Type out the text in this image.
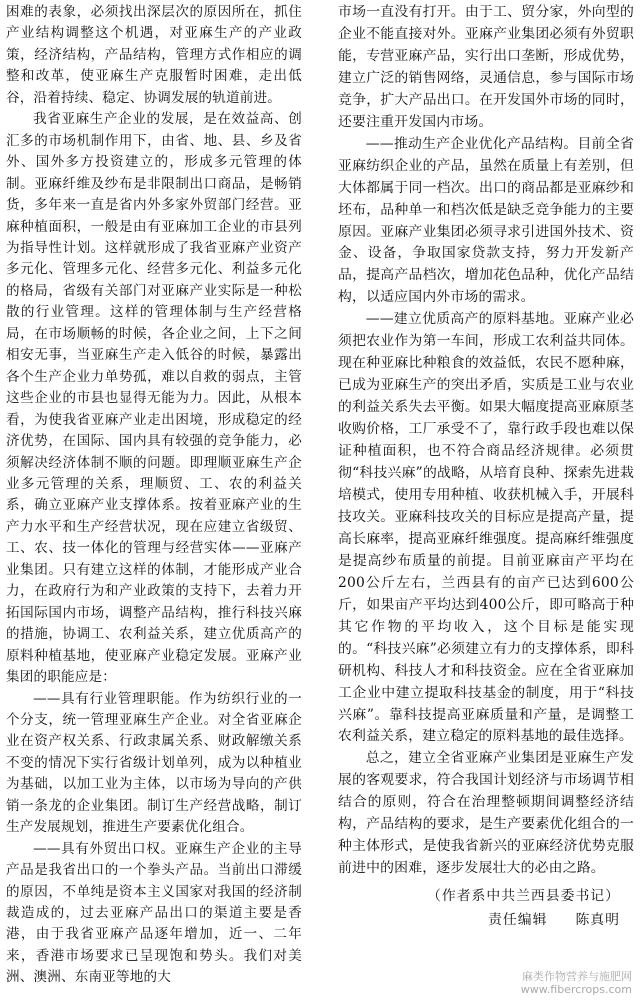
困难的表象，必须找出深层次的原因所在，抓住产业结构调整这个机遇，对亚麻生产的产业政策，经济结构，产品结构，管理方式作相应的调整和改革，使亚麻生产克服暂时困难，走出低谷，沿着持续、稳定、协调发展的轨道前进。

我省亚麻生产企业的发展，是在效益高、创汇多的市场机制作用下，由省、地、县、乡及省外、国外多方投资建立的，形成多元管理的体制。亚麻纤维及纱布是非限制出口商品，是畅销货，多年来一直是省内外多家外贸部门经营。亚麻种植面积，一般是由有亚麻加工企业的市县列为指导性计划。这样就形成了我省亚麻产业资产多元化、管理多元化、经营多元化、利益多元化的格局，省级有关部门对亚麻产业实际是一种松散的行业管理。这样的管理体制与生产经营格局，在市场顺畅的时候，各企业之间，上下之间相安无事，当亚麻生产走入低谷的时候，暴露出各个生产企业力单势孤，难以自救的弱点，主管这些企业的市县也显得无能为力。因此，从根本看，为使我省亚麻产业走出困境，形成稳定的经济优势，在国际、国内具有较强的竞争能力，必须解决经济体制不顺的问题。即理顺亚麻生产企业多元管理的关系，理顺贸、工、农的利益关系，确立亚麻产业支撑体系。按着亚麻产业的生产力水平和生产经营状况，现在应建立省级贸、工、农、技一体化的管理与经营实体——亚麻产业集团。只有建立这样的体制，才能形成产业合力，在政府行为和产业政策的支持下，去着力开拓国际国内市场，调整产品结构，推行科技兴麻的措施，协调工、农利益关系，建立优质高产的原料种植基地，使亚麻产业稳定发展。亚麻产业集团的职能应是：

——具有行业管理职能。作为纺织行业的一个分支，统一管理亚麻生产企业。对全省亚麻企业在资产权关系、行政隶属关系、财政解缴关系不变的情况下实行省级计划单列，成为以种植业为基础，以加工业为主体，以市场为导向的产供销一条龙的企业集团。制订生产经营战略，制订生产发展规划，推进生产要素优化组合。

——具有外贸出口权。亚麻生产企业的主导产品是我省出口的一个拳头产品。当前出口滞缓的原因，不单纯是资本主义国家对我国的经济制裁造成的，过去亚麻产品出口的渠道主要是香港，由于我省亚麻产品逐年增加，近一、二年来，香港市场要求已呈现饱和势头。我们对美洲、澳洲、东南亚等地的大

市场一直没有打开。由于工、贸分家，外向型的企业不能直接对外。亚麻产业集团必须有外贸职能，专营亚麻产品，实行出口垄断，形成优势，建立广泛的销售网络，灵通信息，参与国际市场竞争，扩大产品出口。在开发国外市场的同时，还要注重开发国内市场。

——推动生产企业优化产品结构。目前全省亚麻纺织企业的产品，虽然在质量上有差别，但大体都属于同一档次。出口的商品都是亚麻纱和坯布，品种单一和档次低是缺乏竞争能力的主要原因。亚麻产业集团必须寻求引进国外技术、资金、设备，争取国家贷款支持，努力开发新产品，提高产品档次，增加花色品种，优化产品结构，以适应国内外市场的需求。

——建立优质高产的原料基地。亚麻产业必须把农业作为第一车间，形成工农利益共同体。现在种亚麻比种粮食的效益低，农民不愿种麻，已成为亚麻生产的突出矛盾，实质是工业与农业的利益关系失去平衡。如果大幅度提高亚麻原茎收购价格，工厂承受不了，靠行政手段也难以保证种植面积，也不符合商品经济规律。必须贯彻“科技兴麻”的战略，从培育良种、探索先进栽培模式，使用专用种植、收获机械入手，开展科技攻关。亚麻科技攻关的目标应是提高产量，提高长麻率，提高亚麻纤维强度。提高麻纤维强度是提高纱布质量的前提。目前亚麻亩产平均在200公斤左右，兰西县有的亩产已达到600公斤，如果亩产平均达到400公斤，即可略高于种其它作物的平均收入，这个目标是能实现的。“科技兴麻”必须建立有力的支撑体系，即科研机构、科技人才和科技资金。应在全省亚麻加工企业中建立提取科技基金的制度，用于“科技兴麻”。靠科技提高亚麻质量和产量，是调整工农利益关系，建立稳定的原料基地的最佳选择。

总之，建立全省亚麻产业集团是亚麻生产发展的客观要求，符合我国计划经济与市场调节相结合的原则，符合在治理整顿期间调整经济结构，产品结构的要求，是生产要素优化组合的一种主体形式，是使我省新兴的亚麻经济优势克服前进中的困难，逐步发展壮大的必由之路。

（作者系中共兰西县委书记）

责任编辑 陈真明

麻类作物营养与施肥网
www.fibercrops.com
